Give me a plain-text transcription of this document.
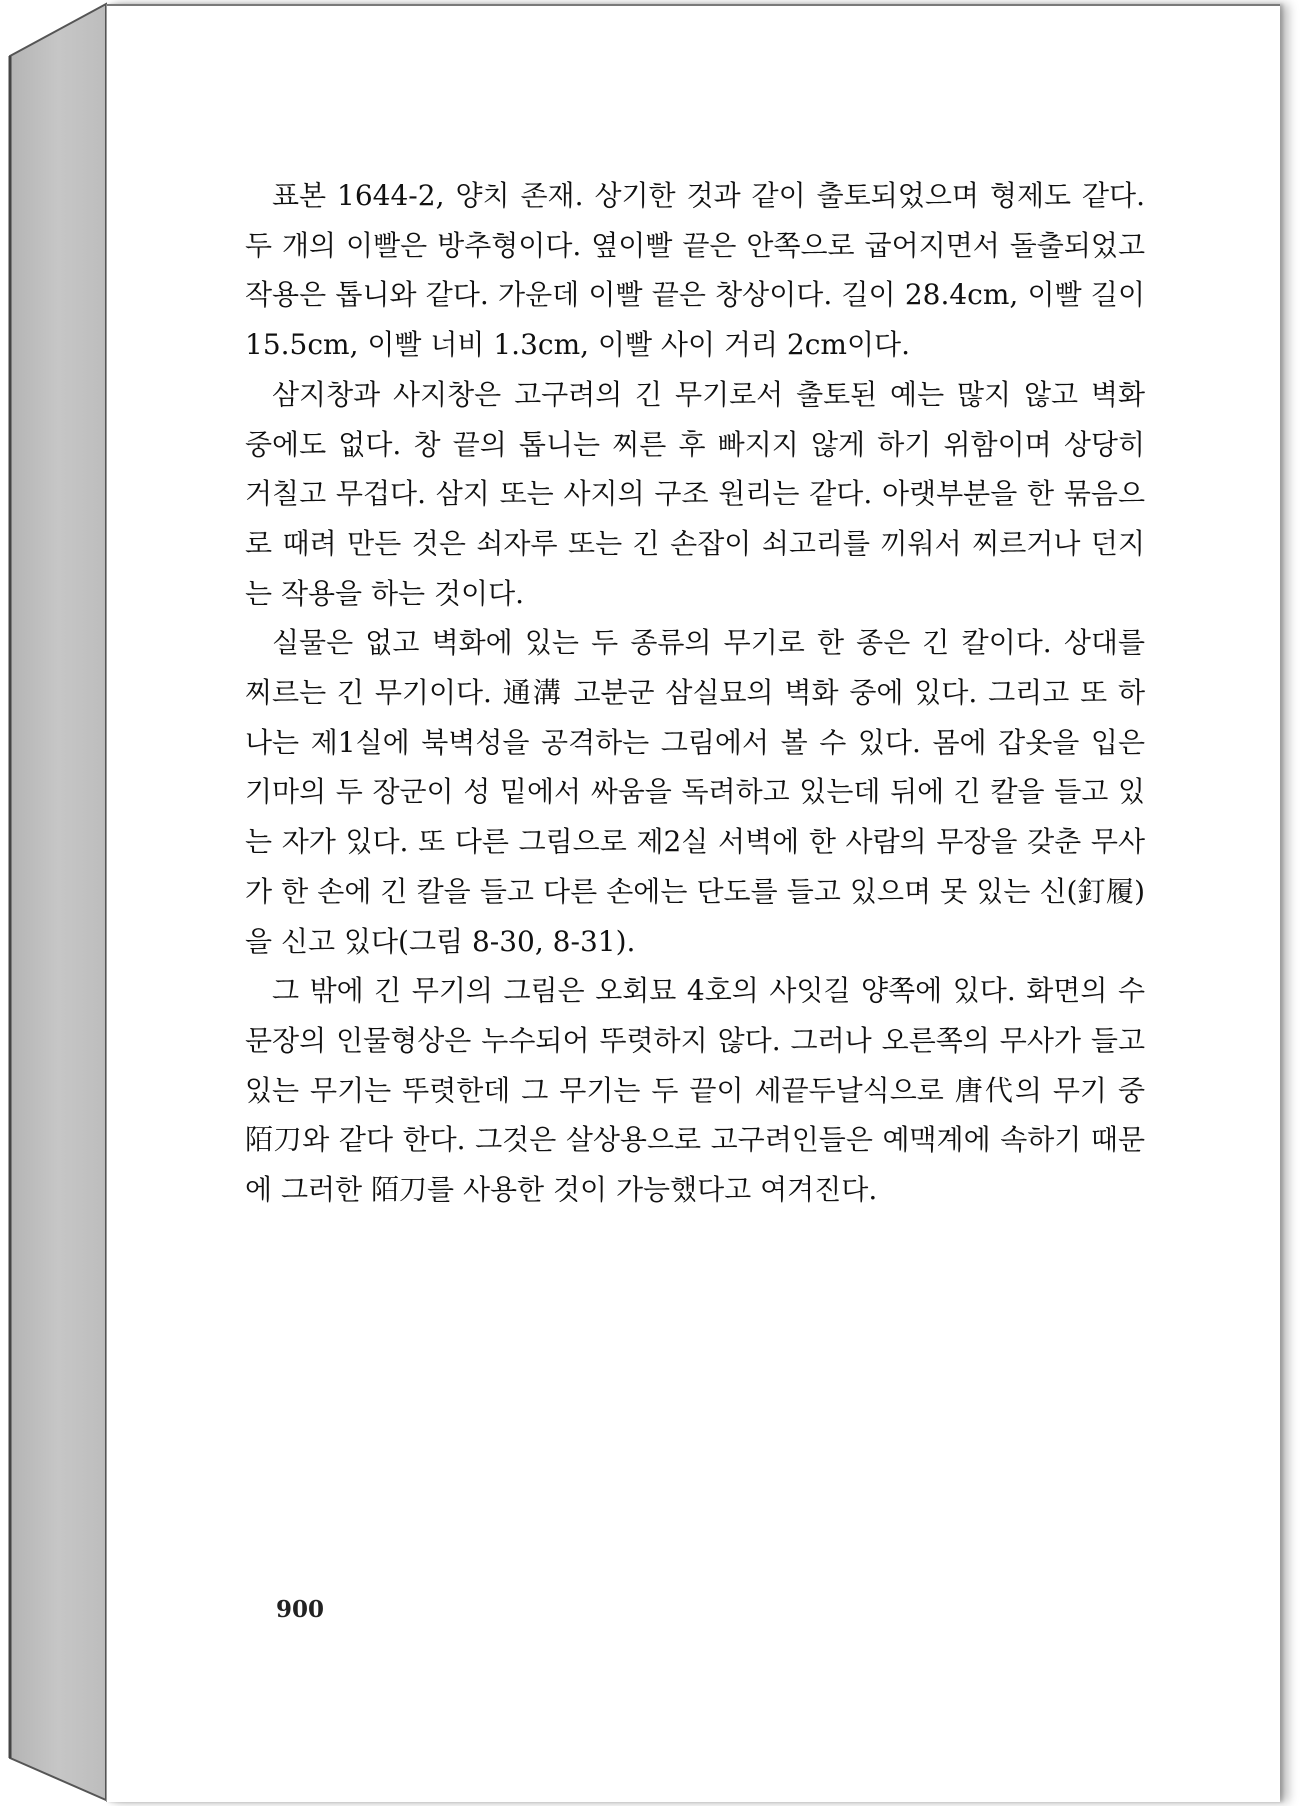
표본 1644-2, 양치 존재. 상기한 것과 같이 출토되었으며 형제도 같다. 두 개의 이빨은 방추형이다. 옆이빨 끝은 안쪽으로 굽어지면서 돌출되었고 작용은 톱니와 같다. 가운데 이빨 끝은 창상이다. 길이 28.4cm, 이빨 길이 15.5cm, 이빨 너비 1.3cm, 이빨 사이 거리 2cm이다.

삼지창과 사지창은 고구려의 긴 무기로서 출토된 예는 많지 않고 벽화 중에도 없다. 창 끝의 톱니는 찌른 후 빠지지 않게 하기 위함이며 상당히 거칠고 무겁다. 삼지 또는 사지의 구조 원리는 같다. 아랫부분을 한 묶음으로 때려 만든 것은 쇠자루 또는 긴 손잡이 쇠고리를 끼워서 찌르거나 던지는 작용을 하는 것이다.

실물은 없고 벽화에 있는 두 종류의 무기로 한 종은 긴 칼이다. 상대를 찌르는 긴 무기이다. 通溝 고분군 삼실묘의 벽화 중에 있다. 그리고 또 하나는 제1실에 북벽성을 공격하는 그림에서 볼 수 있다. 몸에 갑옷을 입은 기마의 두 장군이 성 밑에서 싸움을 독려하고 있는데 뒤에 긴 칼을 들고 있는 자가 있다. 또 다른 그림으로 제2실 서벽에 한 사람의 무장을 갖춘 무사가 한 손에 긴 칼을 들고 다른 손에는 단도를 들고 있으며 못 있는 신(釘履)을 신고 있다(그림 8-30, 8-31).

그 밖에 긴 무기의 그림은 오회묘 4호의 사잇길 양쪽에 있다. 화면의 수문장의 인물형상은 누수되어 뚜렷하지 않다. 그러나 오른쪽의 무사가 들고 있는 무기는 뚜렷한데 그 무기는 두 끝이 세끝두날식으로 唐代의 무기 중 陌刀와 같다 한다. 그것은 살상용으로 고구려인들은 예맥계에 속하기 때문에 그러한 陌刀를 사용한 것이 가능했다고 여겨진다.

900
